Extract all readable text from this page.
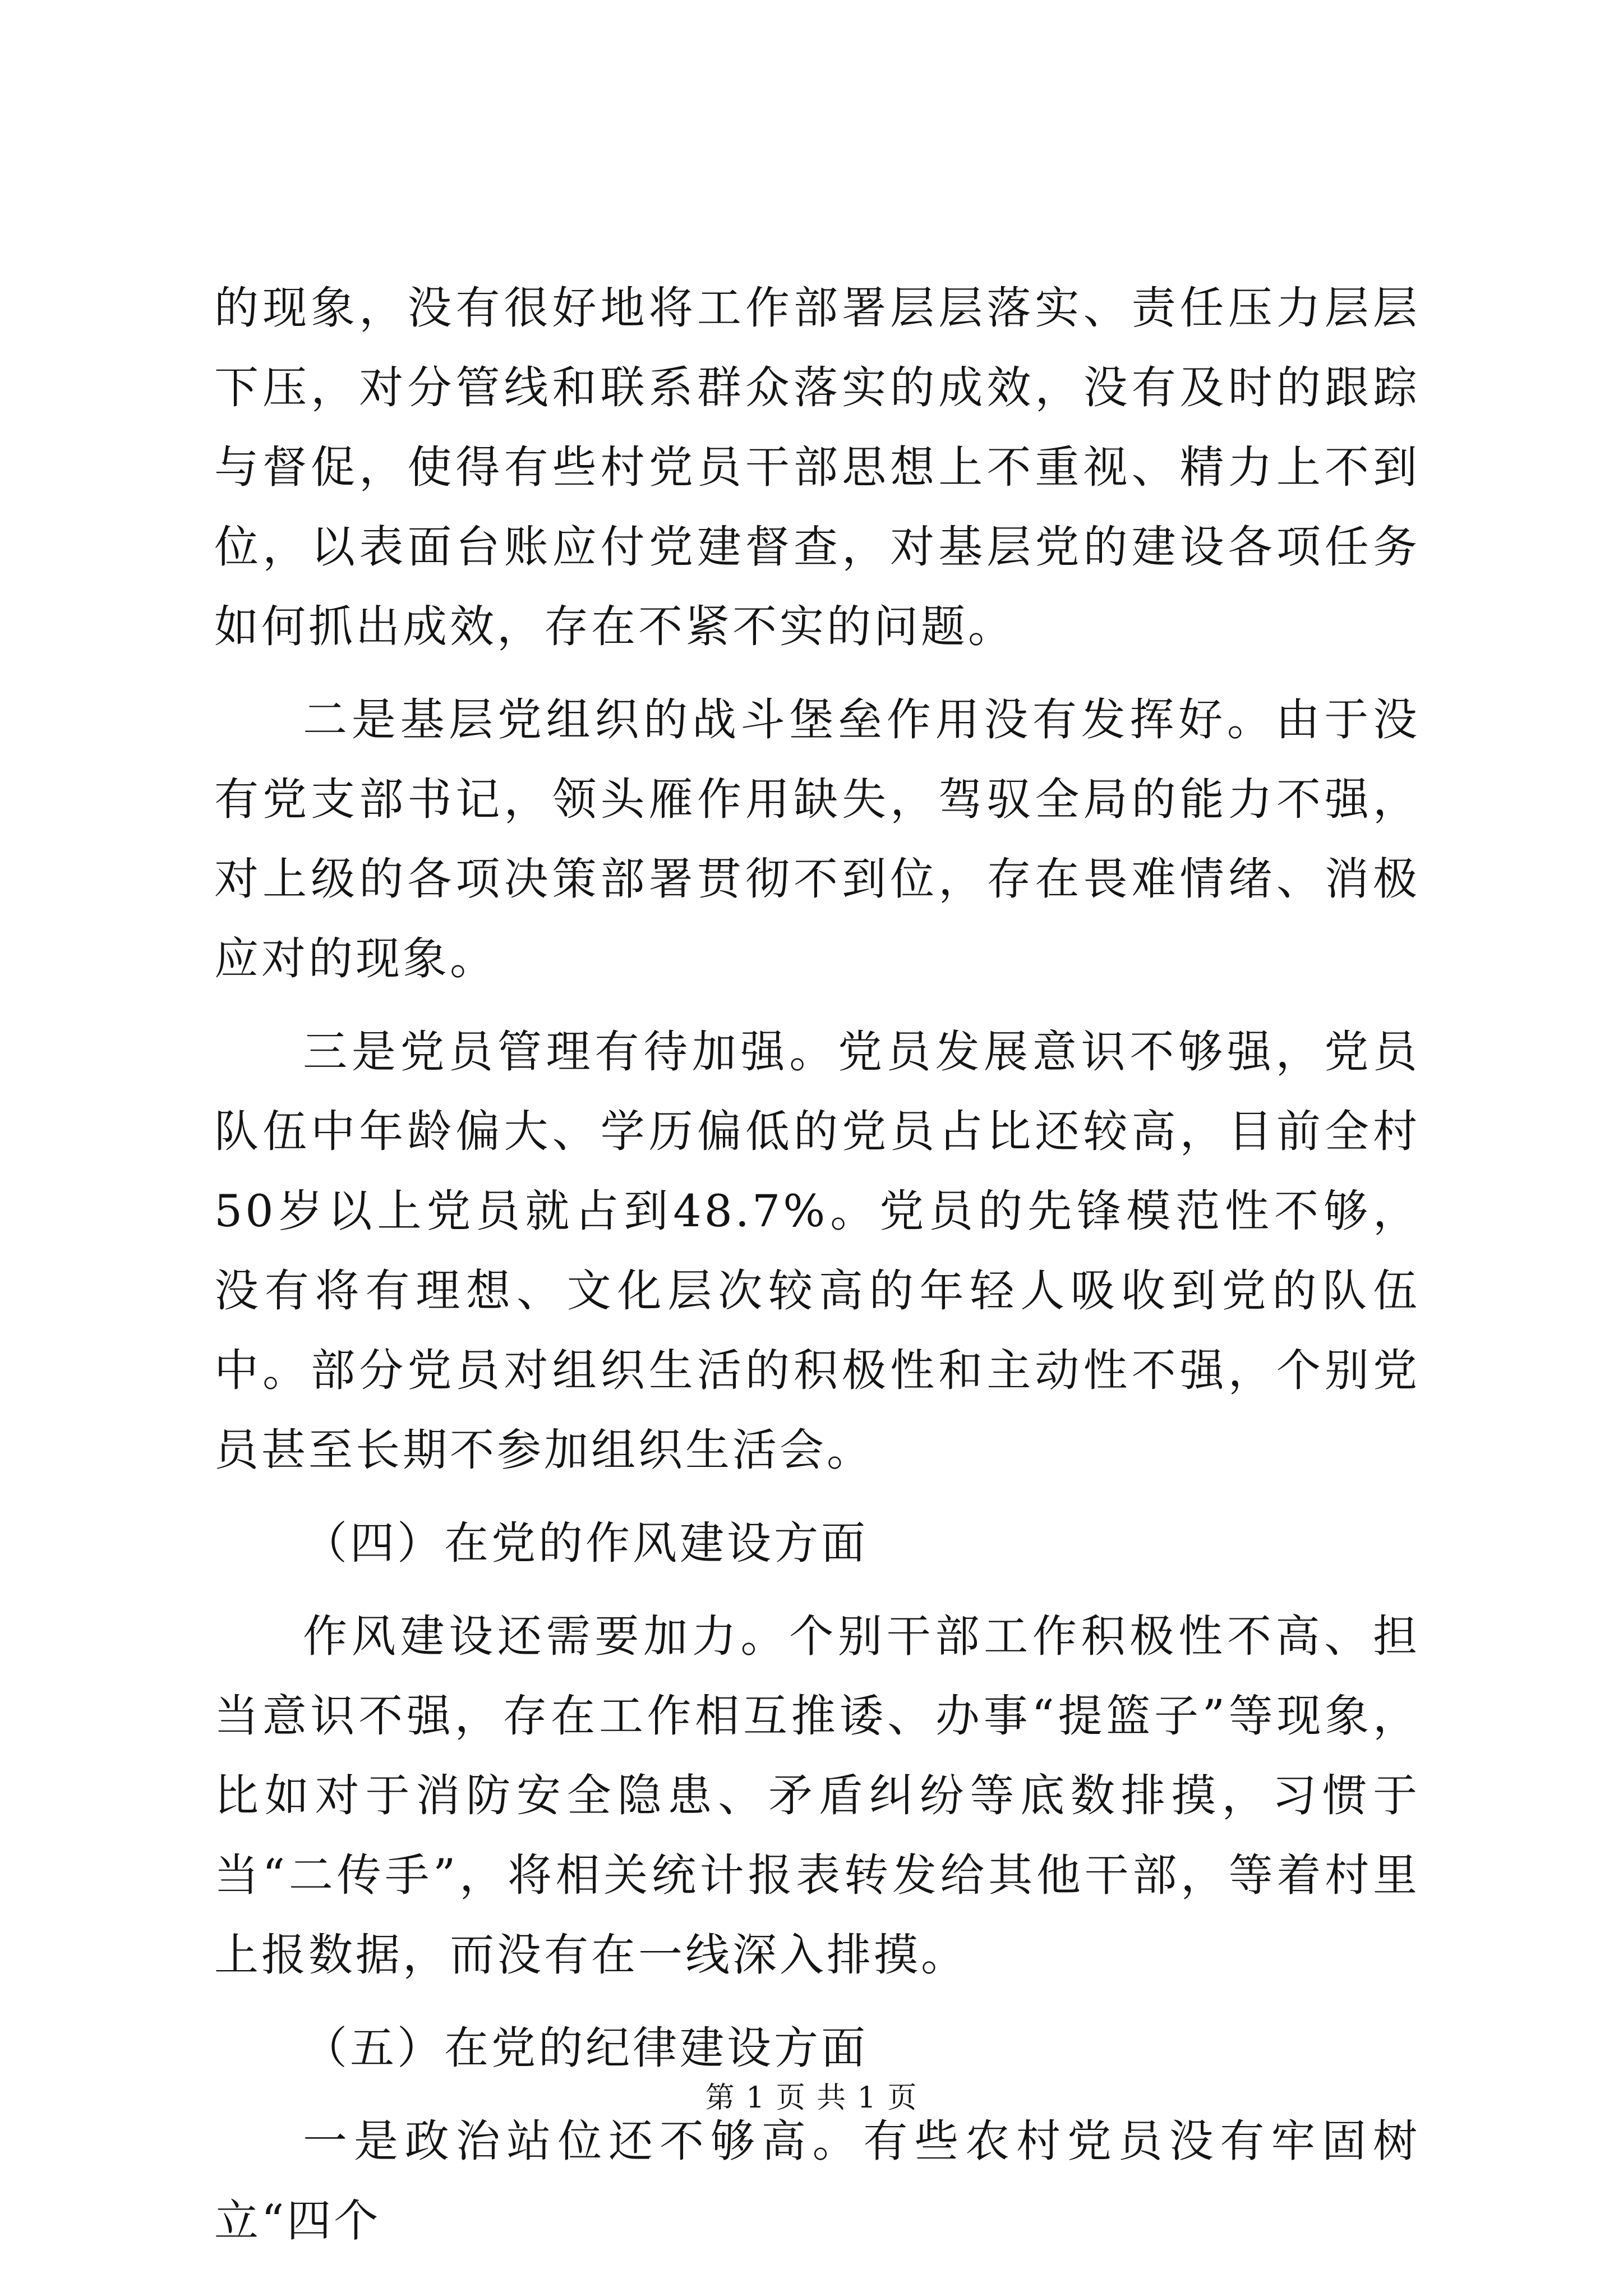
的现象，没有很好地将工作部署层层落实、责任压力层层下压，对分管线和联系群众落实的成效，没有及时的跟踪与督促，使得有些村党员干部思想上不重视、精力上不到位，以表面台账应付党建督查，对基层党的建设各项任务如何抓出成效，存在不紧不实的问题。

二是基层党组织的战斗堡垒作用没有发挥好。由于没有党支部书记，领头雁作用缺失，驾驭全局的能力不强，对上级的各项决策部署贯彻不到位，存在畏难情绪、消极应对的现象。

三是党员管理有待加强。党员发展意识不够强，党员队伍中年龄偏大、学历偏低的党员占比还较高，目前全村50岁以上党员就占到48.7%。党员的先锋模范性不够，没有将有理想、文化层次较高的年轻人吸收到党的队伍中。部分党员对组织生活的积极性和主动性不强，个别党员甚至长期不参加组织生活会。

（四）在党的作风建设方面

作风建设还需要加力。个别干部工作积极性不高、担当意识不强，存在工作相互推诿、办事“提篮子”等现象，比如对于消防安全隐患、矛盾纠纷等底数排摸，习惯于当“二传手”，将相关统计报表转发给其他干部，等着村里上报数据，而没有在一线深入排摸。

（五）在党的纪律建设方面

一是政治站位还不够高。有些农村党员没有牢固树立“四个

第 1 页 共 1 页
